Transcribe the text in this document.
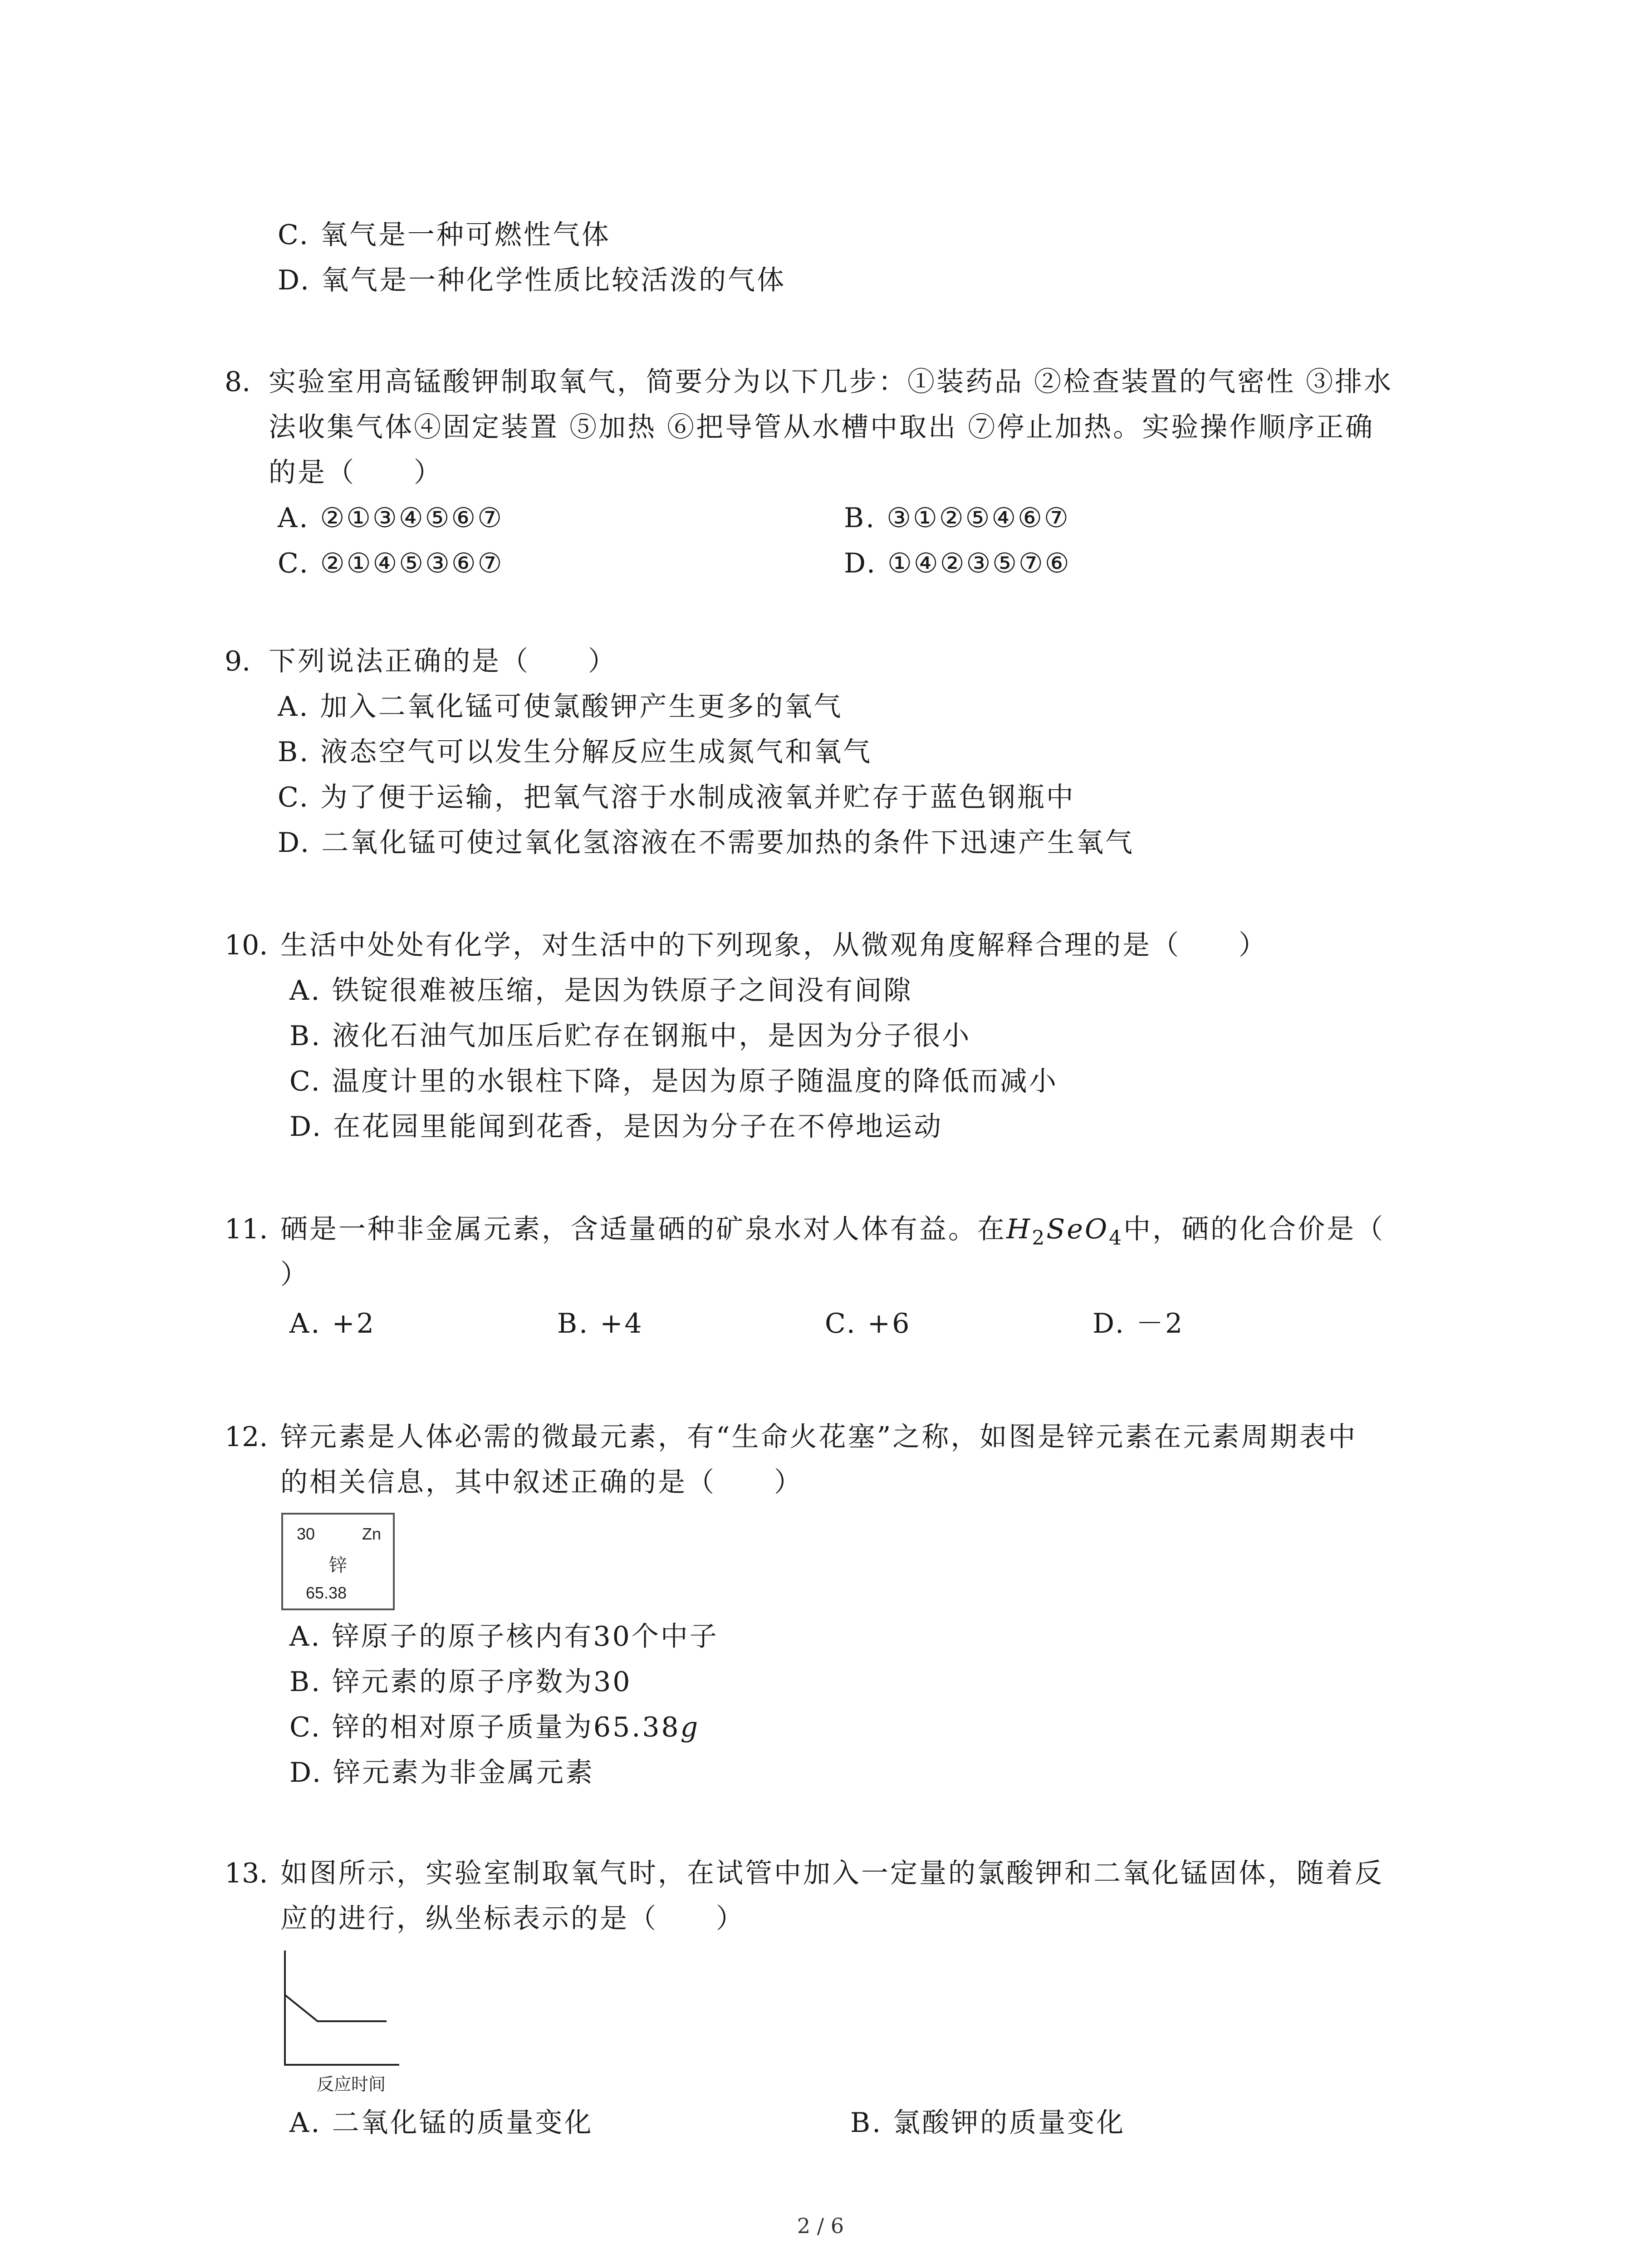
C. 氧气是一种可燃性气体
D. 氧气是一种化学性质比较活泼的气体
8. 实验室用高锰酸钾制取氧气，简要分为以下几步：①装药品 ②检查装置的气密性 ③排水
法收集气体④固定装置 ⑤加热 ⑥把导管从水槽中取出 ⑦停止加热。实验操作顺序正确
的是（　　）
A. ②①③④⑤⑥⑦	B. ③①②⑤④⑥⑦
C. ②①④⑤③⑥⑦	D. ①④②③⑤⑦⑥
9. 下列说法正确的是（　　）
A. 加入二氧化锰可使氯酸钾产生更多的氧气
B. 液态空气可以发生分解反应生成氮气和氧气
C. 为了便于运输，把氧气溶于水制成液氧并贮存于蓝色钢瓶中
D. 二氧化锰可使过氧化氢溶液在不需要加热的条件下迅速产生氧气
10. 生活中处处有化学，对生活中的下列现象，从微观角度解释合理的是（　　）
A. 铁锭很难被压缩，是因为铁原子之间没有间隙
B. 液化石油气加压后贮存在钢瓶中，是因为分子很小
C. 温度计里的水银柱下降，是因为原子随温度的降低而减小
D. 在花园里能闻到花香，是因为分子在不停地运动
11. 硒是一种非金属元素，含适量硒的矿泉水对人体有益。在$H_2SeO_4$中，硒的化合价是（
）
A. +2	B. +4	C. +6	D. －2
12. 锌元素是人体必需的微最元素，有“生命火花塞”之称，如图是锌元素在元素周期表中
的相关信息，其中叙述正确的是（　　）
30	Zn
锌
65.38
A. 锌原子的原子核内有30个中子
B. 锌元素的原子序数为30
C. 锌的相对原子质量为65.38g
D. 锌元素为非金属元素
13. 如图所示，实验室制取氧气时，在试管中加入一定量的氯酸钾和二氧化锰固体，随着反
应的进行，纵坐标表示的是（　　）
反应时间
A. 二氧化锰的质量变化	B. 氯酸钾的质量变化
2 / 6
